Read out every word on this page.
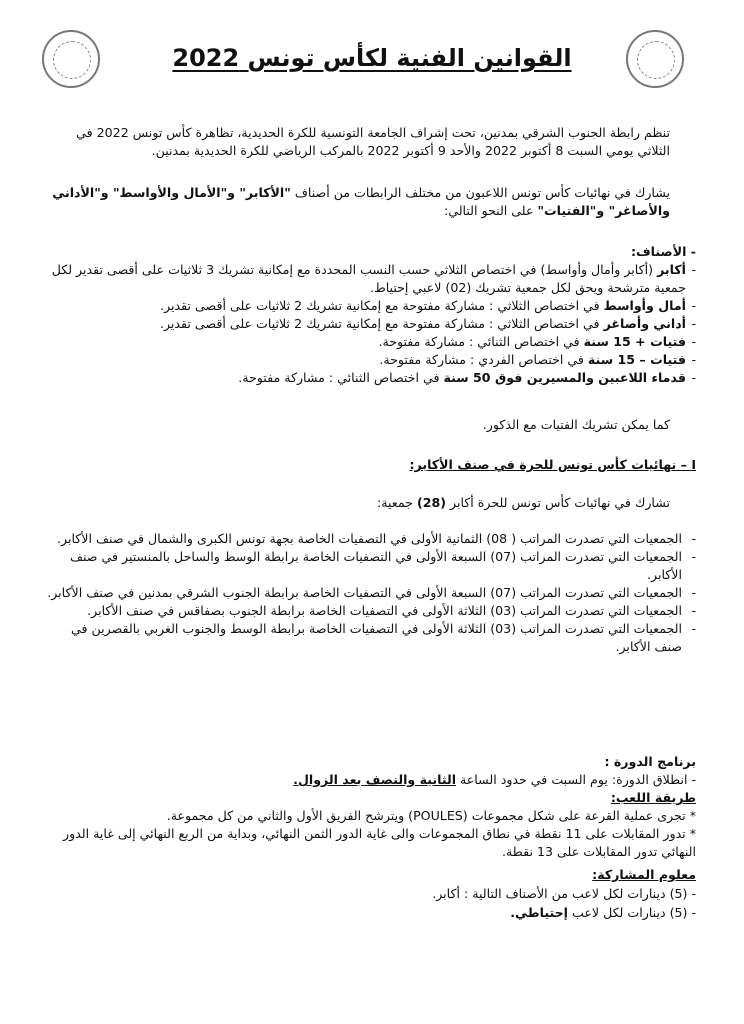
القوانين الفنية لكأس تونس 2022

تنظم رابطة الجنوب الشرقي بمدنين، تحت إشراف الجامعة التونسية للكرة الحديدية، تظاهرة كأس تونس 2022 في الثلاثي يومي السبت 8 أكتوبر 2022 والأحد 9 أكتوبر 2022 بالمركب الرياضي للكرة الحديدية بمدنين.

يشارك في نهائيات كأس تونس اللاعبون من مختلف الرابطات من أصناف "الأكابر" و"الأمال والأواسط" و"الأداني والأصاغر" و"الفتيات" على النحو التالي:

- الأصناف:

- أكابر (أكابر وأمال وأواسط) في اختصاص الثلاثي حسب النسب المحددة مع إمكانية تشريك 3 ثلاثيات على أقصى تقدير لكل جمعية مترشحة ويحق لكل جمعية تشريك (02) لاعبي إحتياط.
- أمال وأواسط في اختصاص الثلاثي : مشاركة مفتوحة مع إمكانية تشريك 2 ثلاثيات على أقصى تقدير.
- أداني وأصاغر في اختصاص الثلاثي : مشاركة مفتوحة مع إمكانية تشريك 2 ثلاثيات على أقصى تقدير.
- فتيات + 15 سنة في اختصاص الثنائي : مشاركة مفتوحة.
- فتيات – 15 سنة في اختصاص الفردي : مشاركة مفتوحة.
- قدماء اللاعبين والمسيرين فوق 50 سنة في اختصاص الثنائي : مشاركة مفتوحة.

كما يمكن تشريك الفتيات مع الذكور.

I – نهائيات كأس تونس للحرة في صنف الأكابر:

تشارك في نهائيات كأس تونس للحرة أكابر (28) جمعية:

- الجمعيات التي تصدرت المراتب ( 08) الثمانية الأولى في التصفيات الخاصة بجهة تونس الكبرى والشمال في صنف الأكابر.
- الجمعيات التي تصدرت المراتب (07) السبعة الأولى في التصفيات الخاصة برابطة الوسط والساحل بالمنستير في صنف الأكابر.
- الجمعيات التي تصدرت المراتب (07) السبعة الأولى في التصفيات الخاصة برابطة الجنوب الشرقي بمدنين في صنف الأكابر.
- الجمعيات التي تصدرت المراتب (03) الثلاثة الأولى في التصفيات الخاصة برابطة الجنوب بصفاقس في صنف الأكابر.
- الجمعيات التي تصدرت المراتب (03) الثلاثة الأولى في التصفيات الخاصة برابطة الوسط والجنوب الغربي بالقصرين في صنف الأكابر.

برنامج الدورة :

- انطلاق الدورة: يوم السبت في حدود الساعة الثانية والنصف بعد الزوال.

طريقة اللعب:

* تجرى عملية القرعة على شكل مجموعات (POULES) ويترشح الفريق الأول والثاني من كل مجموعة.

* تدور المقابلات على 11 نقطة في نطاق المجموعات والى غاية الدور الثمن النهائي، وبداية من الربع النهائي إلى غاية الدور النهائي تدور المقابلات على 13 نقطة.

معلوم المشاركة:

- (5) دينارات لكل لاعب من الأصناف التالية : أكابر.

- (5) دينارات لكل لاعب إحتياطي.
